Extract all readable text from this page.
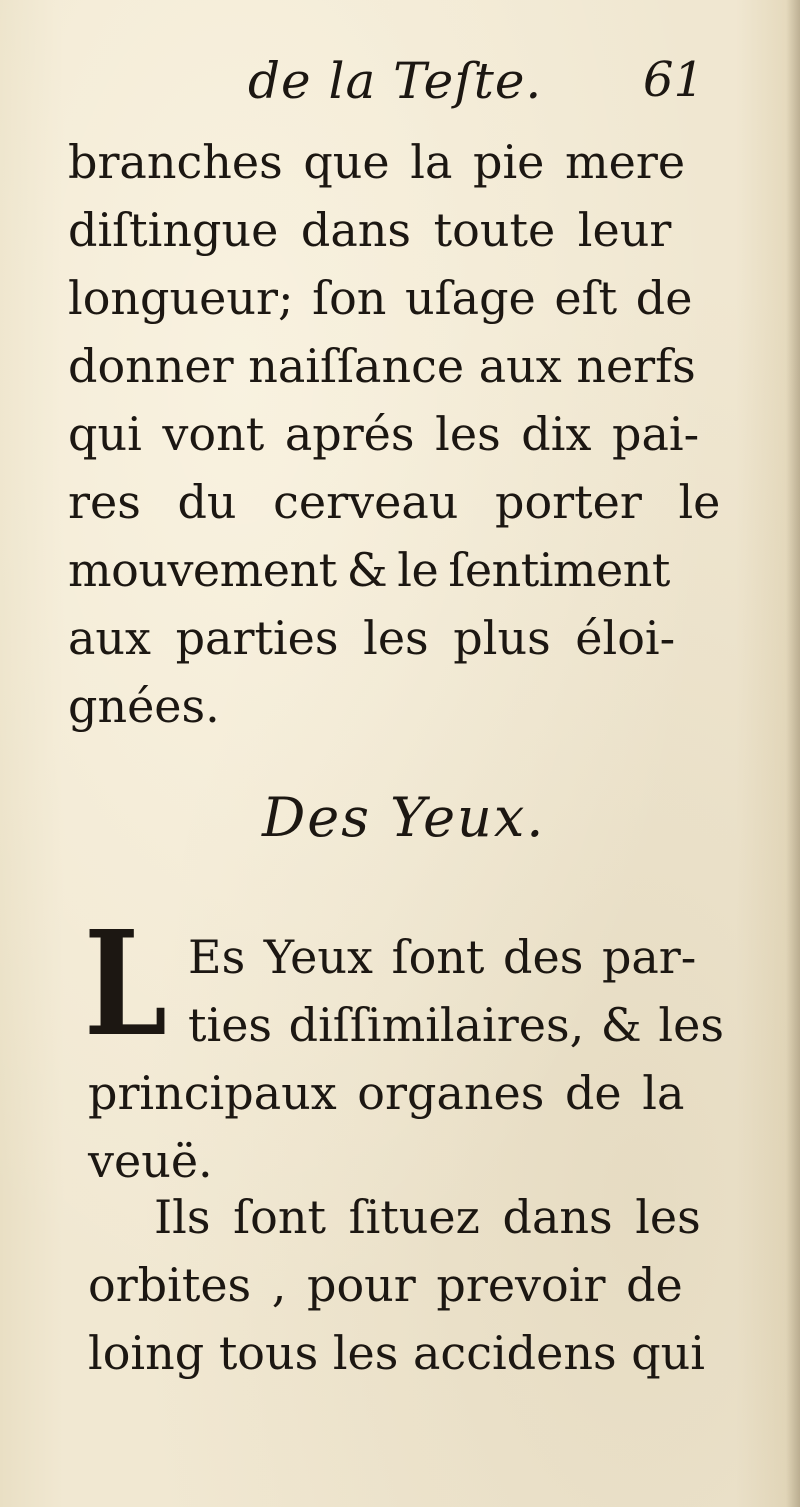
de la Teſte. 61
branches que la pie mere
diſtingue dans toute leur
longueur; ſon uſage eſt de
donner naiſſance aux nerfs
qui vont aprés les dix pai-
res du cerveau porter le
mouvement & le ſentiment
aux parties les plus éloi-
gnées.
Des Yeux.
L Es Yeux ſont des par-
ties diſſimilaires, & les
principaux organes de la
veuë.
Ils ſont ſituez dans les
orbites , pour prevoir de
loing tous les accidens qui
